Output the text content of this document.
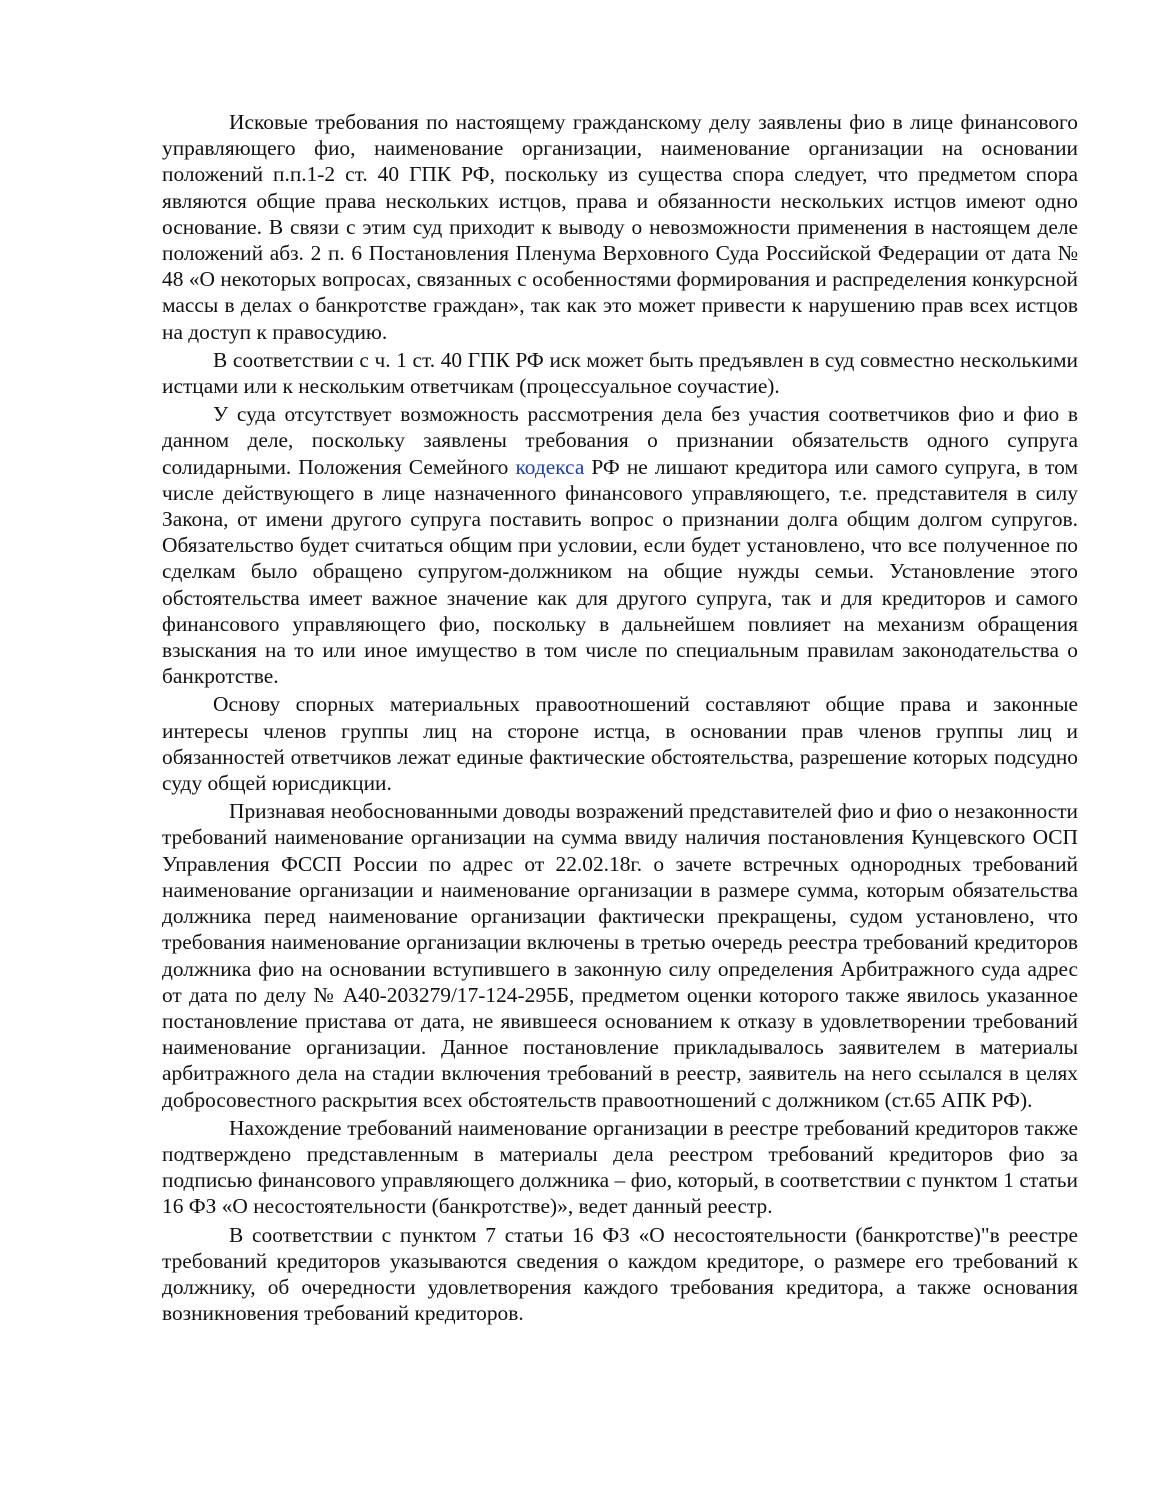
Исковые требования по настоящему гражданскому делу заявлены фио в лице финансового управляющего фио, наименование организации, наименование организации на основании положений п.п.1-2 ст. 40 ГПК РФ, поскольку из существа спора следует, что предметом спора являются общие права нескольких истцов, права и обязанности нескольких истцов имеют одно основание. В связи с этим суд приходит к выводу о невозможности применения в настоящем деле положений абз. 2 п. 6 Постановления Пленума Верховного Суда Российской Федерации от дата № 48 «О некоторых вопросах, связанных с особенностями формирования и распределения конкурсной массы в делах о банкротстве граждан», так как это может привести к нарушению прав всех истцов на доступ к правосудию.

В соответствии с ч. 1 ст. 40 ГПК РФ иск может быть предъявлен в суд совместно несколькими истцами или к нескольким ответчикам (процессуальное соучастие).

У суда отсутствует возможность рассмотрения дела без участия соответчиков фио и фио в данном деле, поскольку заявлены требования о признании обязательств одного супруга солидарными. Положения Семейного кодекса РФ не лишают кредитора или самого супруга, в том числе действующего в лице назначенного финансового управляющего, т.е. представителя в силу Закона, от имени другого супруга поставить вопрос о признании долга общим долгом супругов. Обязательство будет считаться общим при условии, если будет установлено, что все полученное по сделкам было обращено супругом-должником на общие нужды семьи. Установление этого обстоятельства имеет важное значение как для другого супруга, так и для кредиторов и самого финансового управляющего фио, поскольку в дальнейшем повлияет на механизм обращения взыскания на то или иное имущество в том числе по специальным правилам законодательства о банкротстве.

Основу спорных материальных правоотношений составляют общие права и законные интересы членов группы лиц на стороне истца, в основании прав членов группы лиц и обязанностей ответчиков лежат единые фактические обстоятельства, разрешение которых подсудно суду общей юрисдикции.

Признавая необоснованными доводы возражений представителей фио и фио о незаконности требований наименование организации на сумма ввиду наличия постановления Кунцевского ОСП Управления ФССП России по адрес от 22.02.18г. о зачете встречных однородных требований наименование организации и наименование организации в размере сумма, которым обязательства должника перед наименование организации фактически прекращены, судом установлено, что требования наименование организации включены в третью очередь реестра требований кредиторов должника фио на основании вступившего в законную силу определения Арбитражного суда адрес от дата по делу № А40-203279/17-124-295Б, предметом оценки которого также явилось указанное постановление пристава от дата, не явившееся основанием к отказу в удовлетворении требований наименование организации. Данное постановление прикладывалось заявителем в материалы арбитражного дела на стадии включения требований в реестр, заявитель на него ссылался в целях добросовестного раскрытия всех обстоятельств правоотношений с должником (ст.65 АПК РФ).

Нахождение требований наименование организации в реестре требований кредиторов также подтверждено представленным в материалы дела реестром требований кредиторов фио за подписью финансового управляющего должника – фио, который, в соответствии с пунктом 1 статьи 16 ФЗ «О несостоятельности (банкротстве)», ведет данный реестр.

В соответствии с пунктом 7 статьи 16 ФЗ «О несостоятельности (банкротстве)"в реестре требований кредиторов указываются сведения о каждом кредиторе, о размере его требований к должнику, об очередности удовлетворения каждого требования кредитора, а также основания возникновения требований кредиторов.
